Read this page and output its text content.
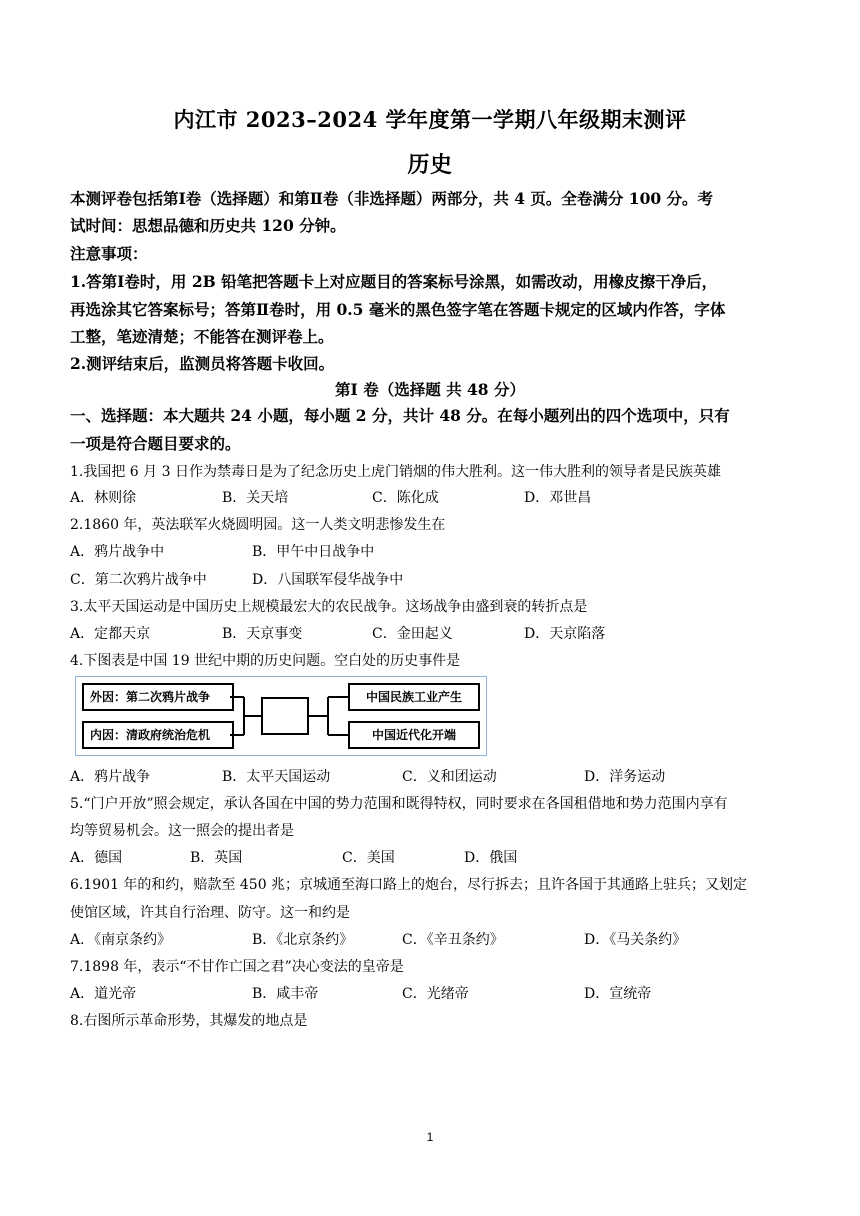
内江市 2023–2024 学年度第一学期八年级期末测评
历史
本测评卷包括第Ⅰ卷（选择题）和第Ⅱ卷（非选择题）两部分，共 4 页。全卷满分 100 分。考
试时间：思想品德和历史共 120 分钟。
注意事项：
1.答第Ⅰ卷时，用 2B 铅笔把答题卡上对应题目的答案标号涂黑，如需改动，用橡皮擦干净后，
再选涂其它答案标号；答第Ⅱ卷时，用 0.5 毫米的黑色签字笔在答题卡规定的区域内作答，字体
工整，笔迹清楚；不能答在测评卷上。
2.测评结束后，监测员将答题卡收回。
第Ⅰ 卷（选择题 共 48 分）
一、选择题：本大题共 24 小题，每小题 2 分，共计 48 分。在每小题列出的四个选项中，只有
一项是符合题目要求的。
1.我国把 6 月 3 日作为禁毒日是为了纪念历史上虎门销烟的伟大胜利。这一伟大胜利的领导者是民族英雄
A．林则徐	B．关天培	C．陈化成	D．邓世昌
2.1860 年，英法联军火烧圆明园。这一人类文明悲惨发生在
A．鸦片战争中	B．甲午中日战争中
C．第二次鸦片战争中	D．八国联军侵华战争中
3.太平天国运动是中国历史上规模最宏大的农民战争。这场战争由盛到衰的转折点是
A．定都天京	B．天京事变	C．金田起义	D．天京陷落
4.下图表是中国 19 世纪中期的历史问题。空白处的历史事件是
外因：第二次鸦片战争
内因：清政府统治危机
中国民族工业产生
中国近代化开端
A．鸦片战争	B．太平天国运动	C．义和团运动	D．洋务运动
5.“门户开放”照会规定，承认各国在中国的势力范围和既得特权，同时要求在各国租借地和势力范围内享有
均等贸易机会。这一照会的提出者是
A．德国	B．英国	C．美国	D．俄国
6.1901 年的和约，赔款至 450 兆；京城通至海口路上的炮台，尽行拆去；且许各国于其通路上驻兵；又划定
使馆区域，许其自行治理、防守。这一和约是
A．《南京条约》	B．《北京条约》	C．《辛丑条约》	D．《马关条约》
7.1898 年，表示“不甘作亡国之君”决心变法的皇帝是
A．道光帝	B．咸丰帝	C．光绪帝	D．宣统帝
8.右图所示革命形势，其爆发的地点是
1
